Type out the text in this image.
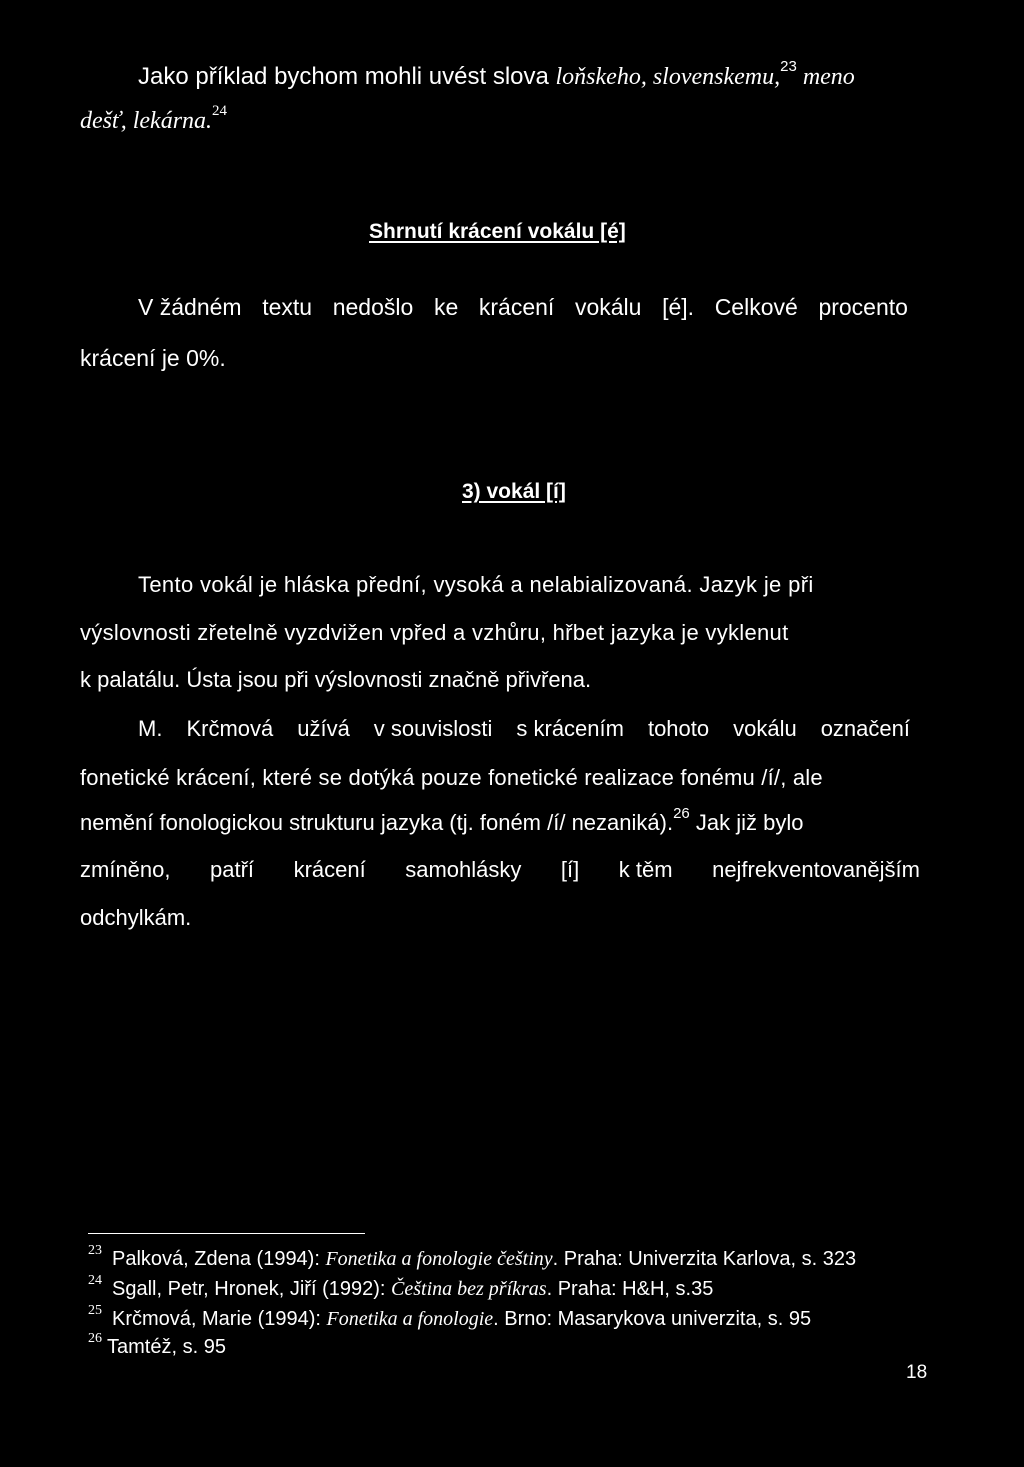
Jako příklad bychom mohli uvést slova loňskeho, slovenskemu,$^{23}$ meno
dešť, lekárna.$^{24}$
Shrnutí krácení vokálu [é]
V žádném textu nedošlo ke krácení vokálu [é]. Celkové procento
krácení je 0%.
3) vokál [í]
Tento vokál je hláska přední, vysoká a nelabializovaná. Jazyk je při
výslovnosti zřetelně vyzdvižen vpřed a vzhůru, hřbet jazyka je vyklenut
k palatálu. Ústa jsou při výslovnosti značně přivřena.
M. Krčmová užívá v souvislosti s krácením tohoto vokálu označení
fonetické krácení, které se dotýká pouze fonetické realizace fonému /í/, ale
nemění fonologickou strukturu jazyka (tj. foném /í/ nezaniká).$^{26}$ Jak již bylo
zmíněno, patří krácení samohlásky [í] k těm nejfrekventovanějším
odchylkám.
$^{23}$ Palková, Zdena (1994): Fonetika a fonologie češtiny. Praha: Univerzita Karlova, s. 323
$^{24}$ Sgall, Petr, Hronek, Jiří (1992): Čeština bez příkras. Praha: H&H, s.35
$^{25}$ Krčmová, Marie (1994): Fonetika a fonologie. Brno: Masarykova univerzita, s. 95
$^{26}$ Tamtéž, s. 95
18
